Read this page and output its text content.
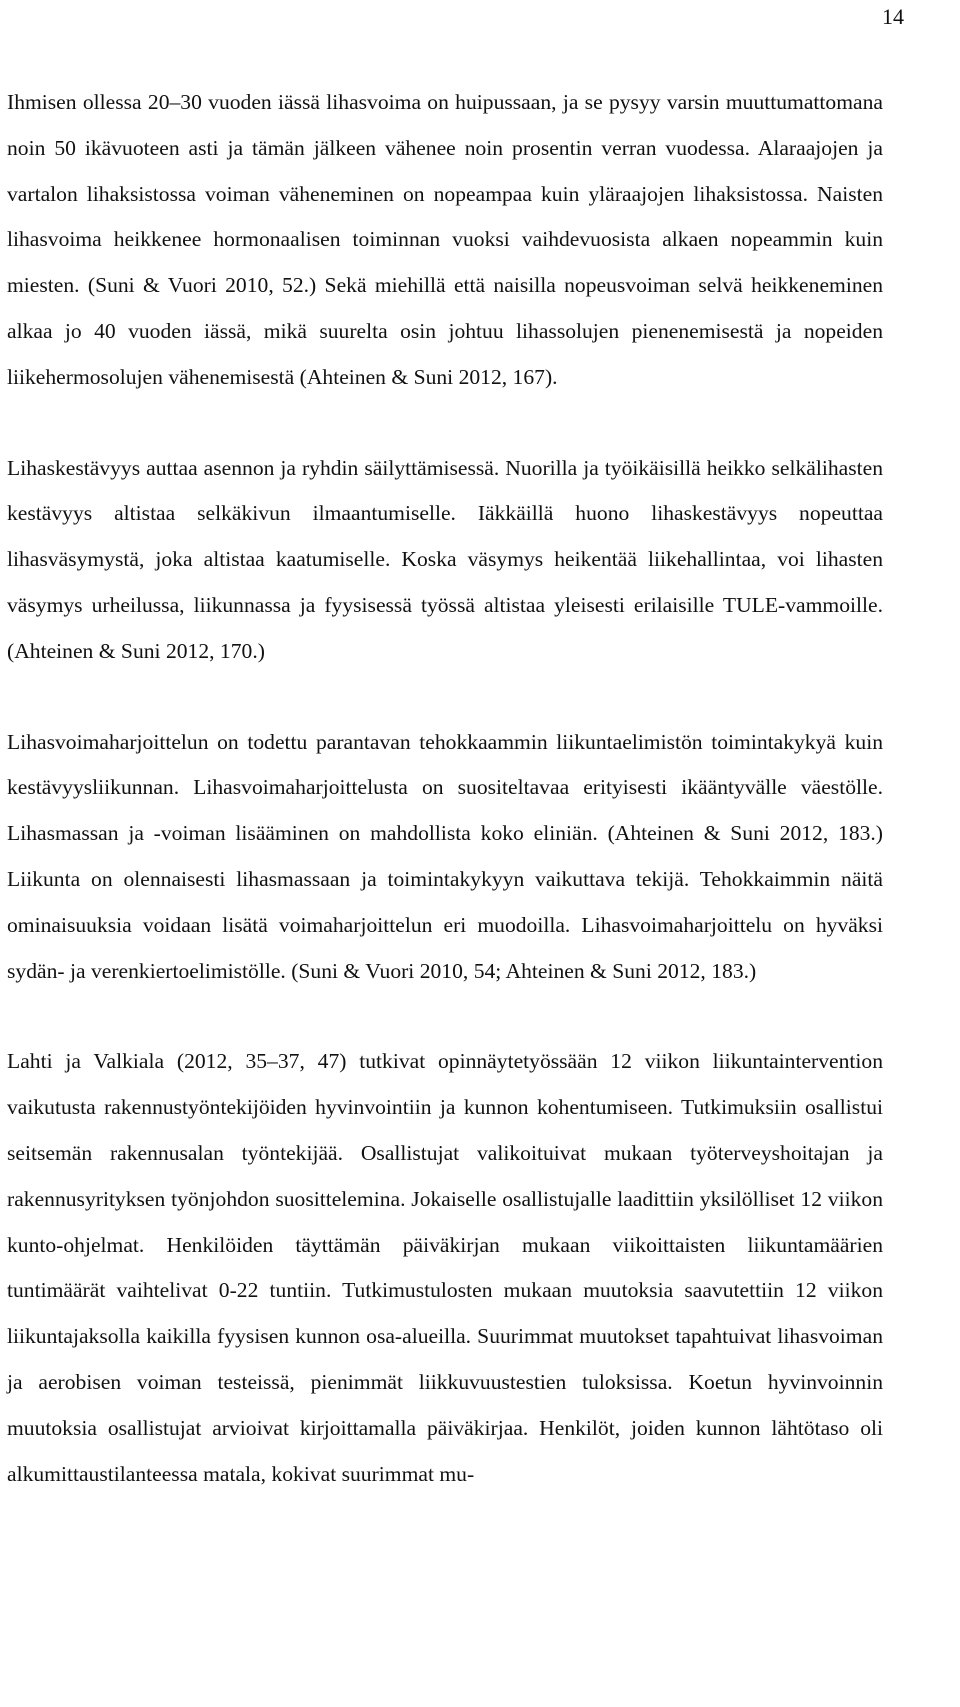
14

Ihmisen ollessa 20–30 vuoden iässä lihasvoima on huipussaan, ja se pysyy varsin muuttumattomana noin 50 ikävuoteen asti ja tämän jälkeen vähenee noin prosentin verran vuodessa. Alaraajojen ja vartalon lihaksistossa voiman väheneminen on nopeampaa kuin yläraajojen lihaksistossa. Naisten lihasvoima heikkenee hormonaalisen toiminnan vuoksi vaihdevuosista alkaen nopeammin kuin miesten. (Suni & Vuori 2010, 52.) Sekä miehillä että naisilla nopeusvoiman selvä heikkeneminen alkaa jo 40 vuoden iässä, mikä suurelta osin johtuu lihassolujen pienenemisestä ja nopeiden liikehermosolujen vähenemisestä (Ahteinen & Suni 2012, 167).

Lihaskestävyys auttaa asennon ja ryhdin säilyttämisessä. Nuorilla ja työikäisillä heikko selkälihasten kestävyys altistaa selkäkivun ilmaantumiselle. Iäkkäillä huono lihaskestävyys nopeuttaa lihasväsymystä, joka altistaa kaatumiselle. Koska väsymys heikentää liikehallintaa, voi lihasten väsymys urheilussa, liikunnassa ja fyysisessä työssä altistaa yleisesti erilaisille TULE-vammoille. (Ahteinen & Suni 2012, 170.)

Lihasvoimaharjoittelun on todettu parantavan tehokkaammin liikuntaelimistön toimintakykyä kuin kestävyysliikunnan. Lihasvoimaharjoittelusta on suositeltavaa erityisesti ikääntyvälle väestölle. Lihasmassan ja -voiman lisääminen on mahdollista koko eliniän. (Ahteinen & Suni 2012, 183.) Liikunta on olennaisesti lihasmassaan ja toimintakykyyn vaikuttava tekijä. Tehokkaimmin näitä ominaisuuksia voidaan lisätä voimaharjoittelun eri muodoilla. Lihasvoimaharjoittelu on hyväksi sydän- ja verenkiertoelimistölle. (Suni & Vuori 2010, 54; Ahteinen & Suni 2012, 183.)

Lahti ja Valkiala (2012, 35–37, 47) tutkivat opinnäytetyössään 12 viikon liikuntaintervention vaikutusta rakennustyöntekijöiden hyvinvointiin ja kunnon kohentumiseen. Tutkimuksiin osallistui seitsemän rakennusalan työntekijää. Osallistujat valikoituivat mukaan työterveyshoitajan ja rakennusyrityksen työnjohdon suosittelemina. Jokaiselle osallistujalle laadittiin yksilölliset 12 viikon kunto-ohjelmat. Henkilöiden täyttämän päiväkirjan mukaan viikoittaisten liikuntamäärien tuntimäärät vaihtelivat 0-22 tuntiin. Tutkimustulosten mukaan muutoksia saavutettiin 12 viikon liikuntajaksolla kaikilla fyysisen kunnon osa-alueilla. Suurimmat muutokset tapahtuivat lihasvoiman ja aerobisen voiman testeissä, pienimmät liikkuvuustestien tuloksissa. Koetun hyvinvoinnin muutoksia osallistujat arvioivat kirjoittamalla päiväkirjaa. Henkilöt, joiden kunnon lähtötaso oli alkumittaustilanteessa matala, kokivat suurimmat mu-
